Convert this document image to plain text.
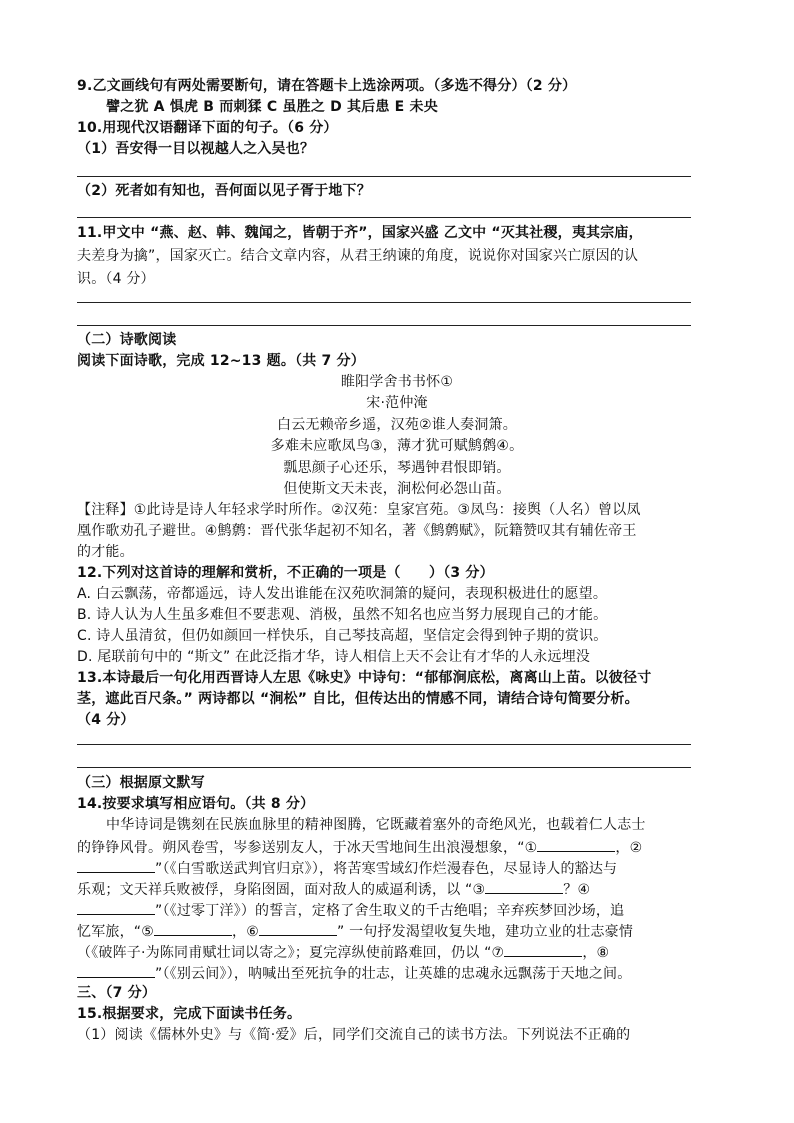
9.乙文画线句有两处需要断句，请在答题卡上选涂两项。（多选不得分）（2 分）
譬之犹 A 惧虎 B 而刺猱 C 虽胜之 D 其后患 E 未央
10.用现代汉语翻译下面的句子。（6 分）
（1）吾安得一目以视越人之入吴也？
（2）死者如有知也，吾何面以见子胥于地下？
11.甲文中 “燕、赵、韩、魏闻之，皆朝于齐”，国家兴盛 乙文中 “灭其社稷，夷其宗庙，
夫差身为擒”，国家灭亡。结合文章内容，从君王纳谏的角度，说说你对国家兴亡原因的认
识。（4 分）
（二）诗歌阅读
阅读下面诗歌，完成 12~13 题。（共 7 分）
睢阳学舍书书怀①
宋·范仲淹
白云无赖帝乡遥，汉苑②谁人奏洞箫。
多难未应歌凤鸟③，薄才犹可赋鹪鹩④。
瓢思颜子心还乐，琴遇钟君恨即销。
但使斯文天未丧，涧松何必怨山苗。
【注释】①此诗是诗人年轻求学时所作。②汉苑：皇家宫苑。③凤鸟：接舆（人名）曾以凤
凰作歌劝孔子避世。④鹪鹩：晋代张华起初不知名，著《鹪鹩赋》，阮籍赞叹其有辅佐帝王
的才能。
12.下列对这首诗的理解和赏析，不正确的一项是（　　）（3 分）
A. 白云飘荡，帝都遥远，诗人发出谁能在汉苑吹洞箫的疑问，表现积极进仕的愿望。
B. 诗人认为人生虽多难但不要悲观、消极，虽然不知名也应当努力展现自己的才能。
C. 诗人虽清贫，但仍如颜回一样快乐，自己琴技高超，坚信定会得到钟子期的赏识。
D. 尾联前句中的 “斯文” 在此泛指才华，诗人相信上天不会让有才华的人永远埋没
13.本诗最后一句化用西晋诗人左思《咏史》中诗句：“郁郁涧底松，离离山上苗。以彼径寸
茎，遮此百尺条。” 两诗都以 “涧松” 自比，但传达出的情感不同，请结合诗句简要分析。
（4 分）
（三）根据原文默写
14.按要求填写相应语句。（共 8 分）
中华诗词是镌刻在民族血脉里的精神图腾，它既藏着塞外的奇绝风光，也载着仁人志士
的铮铮风骨。朔风卷雪，岑参送别友人，于冰天雪地间生出浪漫想象，“①	，②
”（《白雪歌送武判官归京》），将苦寒雪域幻作烂漫春色，尽显诗人的豁达与
乐观；文天祥兵败被俘，身陷囹圄，面对敌人的威逼利诱，以 “③	？④
”（《过零丁洋》）的誓言，定格了舍生取义的千古绝唱；辛弃疾梦回沙场，追
忆军旅，“⑤	，⑥	” 一句抒发渴望收复失地，建功立业的壮志豪情
（《破阵子·为陈同甫赋壮词以寄之》；夏完淳纵使前路难回，仍以 “⑦	，⑧
”（《别云间》），呐喊出至死抗争的壮志，让英雄的忠魂永远飘荡于天地之间。
三、（7 分）
15.根据要求，完成下面读书任务。
（1）阅读《儒林外史》与《简·爱》后，同学们交流自己的读书方法。下列说法不正确的
